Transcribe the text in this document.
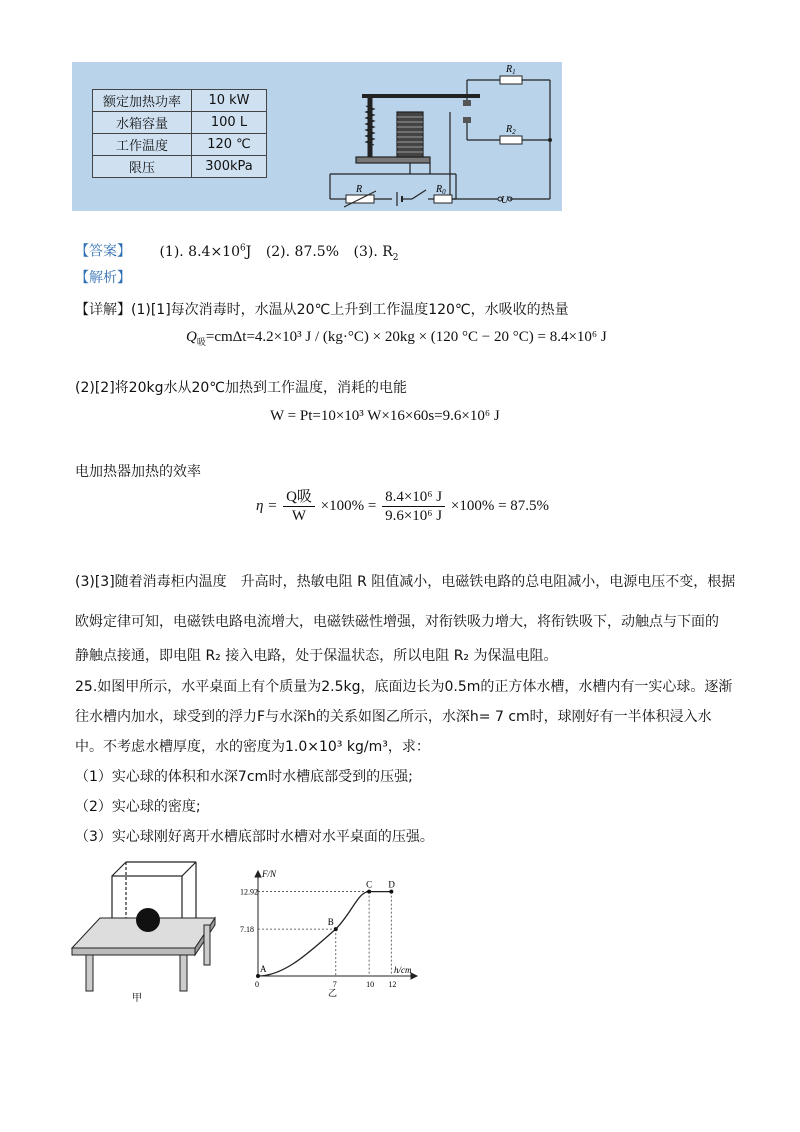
额定加热功率	10 kW
水箱容量	100 L
工作温度	120 ℃
限压	300kPa
$R_1$
$R_2$
R	$R_0$
U
【答案】 (1). $8.4\times 10^6J$ (2). 87.5% (3). $R_2$
【解析】
【详解】(1)[1]每次消毒时，水温从20℃上升到工作温度120℃，水吸收的热量
$Q_吸=cm\Delta t=4.2\times 10^3$ J / (kg·°C) × 20kg × (120 °C − 20 °C) = 8.4×10⁶ J
(2)[2]将20kg水从20℃加热到工作温度，消耗的电能
W = Pt=10×10³ W×16×60s=9.6×10⁶ J
电加热器加热的效率
$\eta = \frac{\text{Q吸}}{W} \times 100\% = \frac{\text{8.4×10⁶ J}}{\text{9.6×10⁶ J}} \times 100\% = 87.5\%$
(3)[3]随着消毒柜内温度　升高时，热敏电阻 R 阻值减小，电磁铁电路的总电阻减小，电源电压不变，根据
欧姆定律可知，电磁铁电路电流增大，电磁铁磁性增强，对衔铁吸力增大，将衔铁吸下，动触点与下面的
静触点接通，即电阻 R₂ 接入电路，处于保温状态，所以电阻 R₂ 为保温电阻。
25.如图甲所示，水平桌面上有个质量为2.5kg，底面边长为0.5m的正方体水槽，水槽内有一实心球。逐渐
往水槽内加水，球受到的浮力F与水深h的关系如图乙所示，水深h= 7 cm时，球刚好有一半体积浸入水
中。不考虑水槽厚度，水的密度为1.0×10³ kg/m³，求：
（1）实心球的体积和水深7cm时水槽底部受到的压强;
（2）实心球的密度;
（3）实心球刚好离开水槽底部时水槽对水平桌面的压强。
甲
A
B
C D
0	7	10 12
7.18
12.92
F/N
h/cm
乙
